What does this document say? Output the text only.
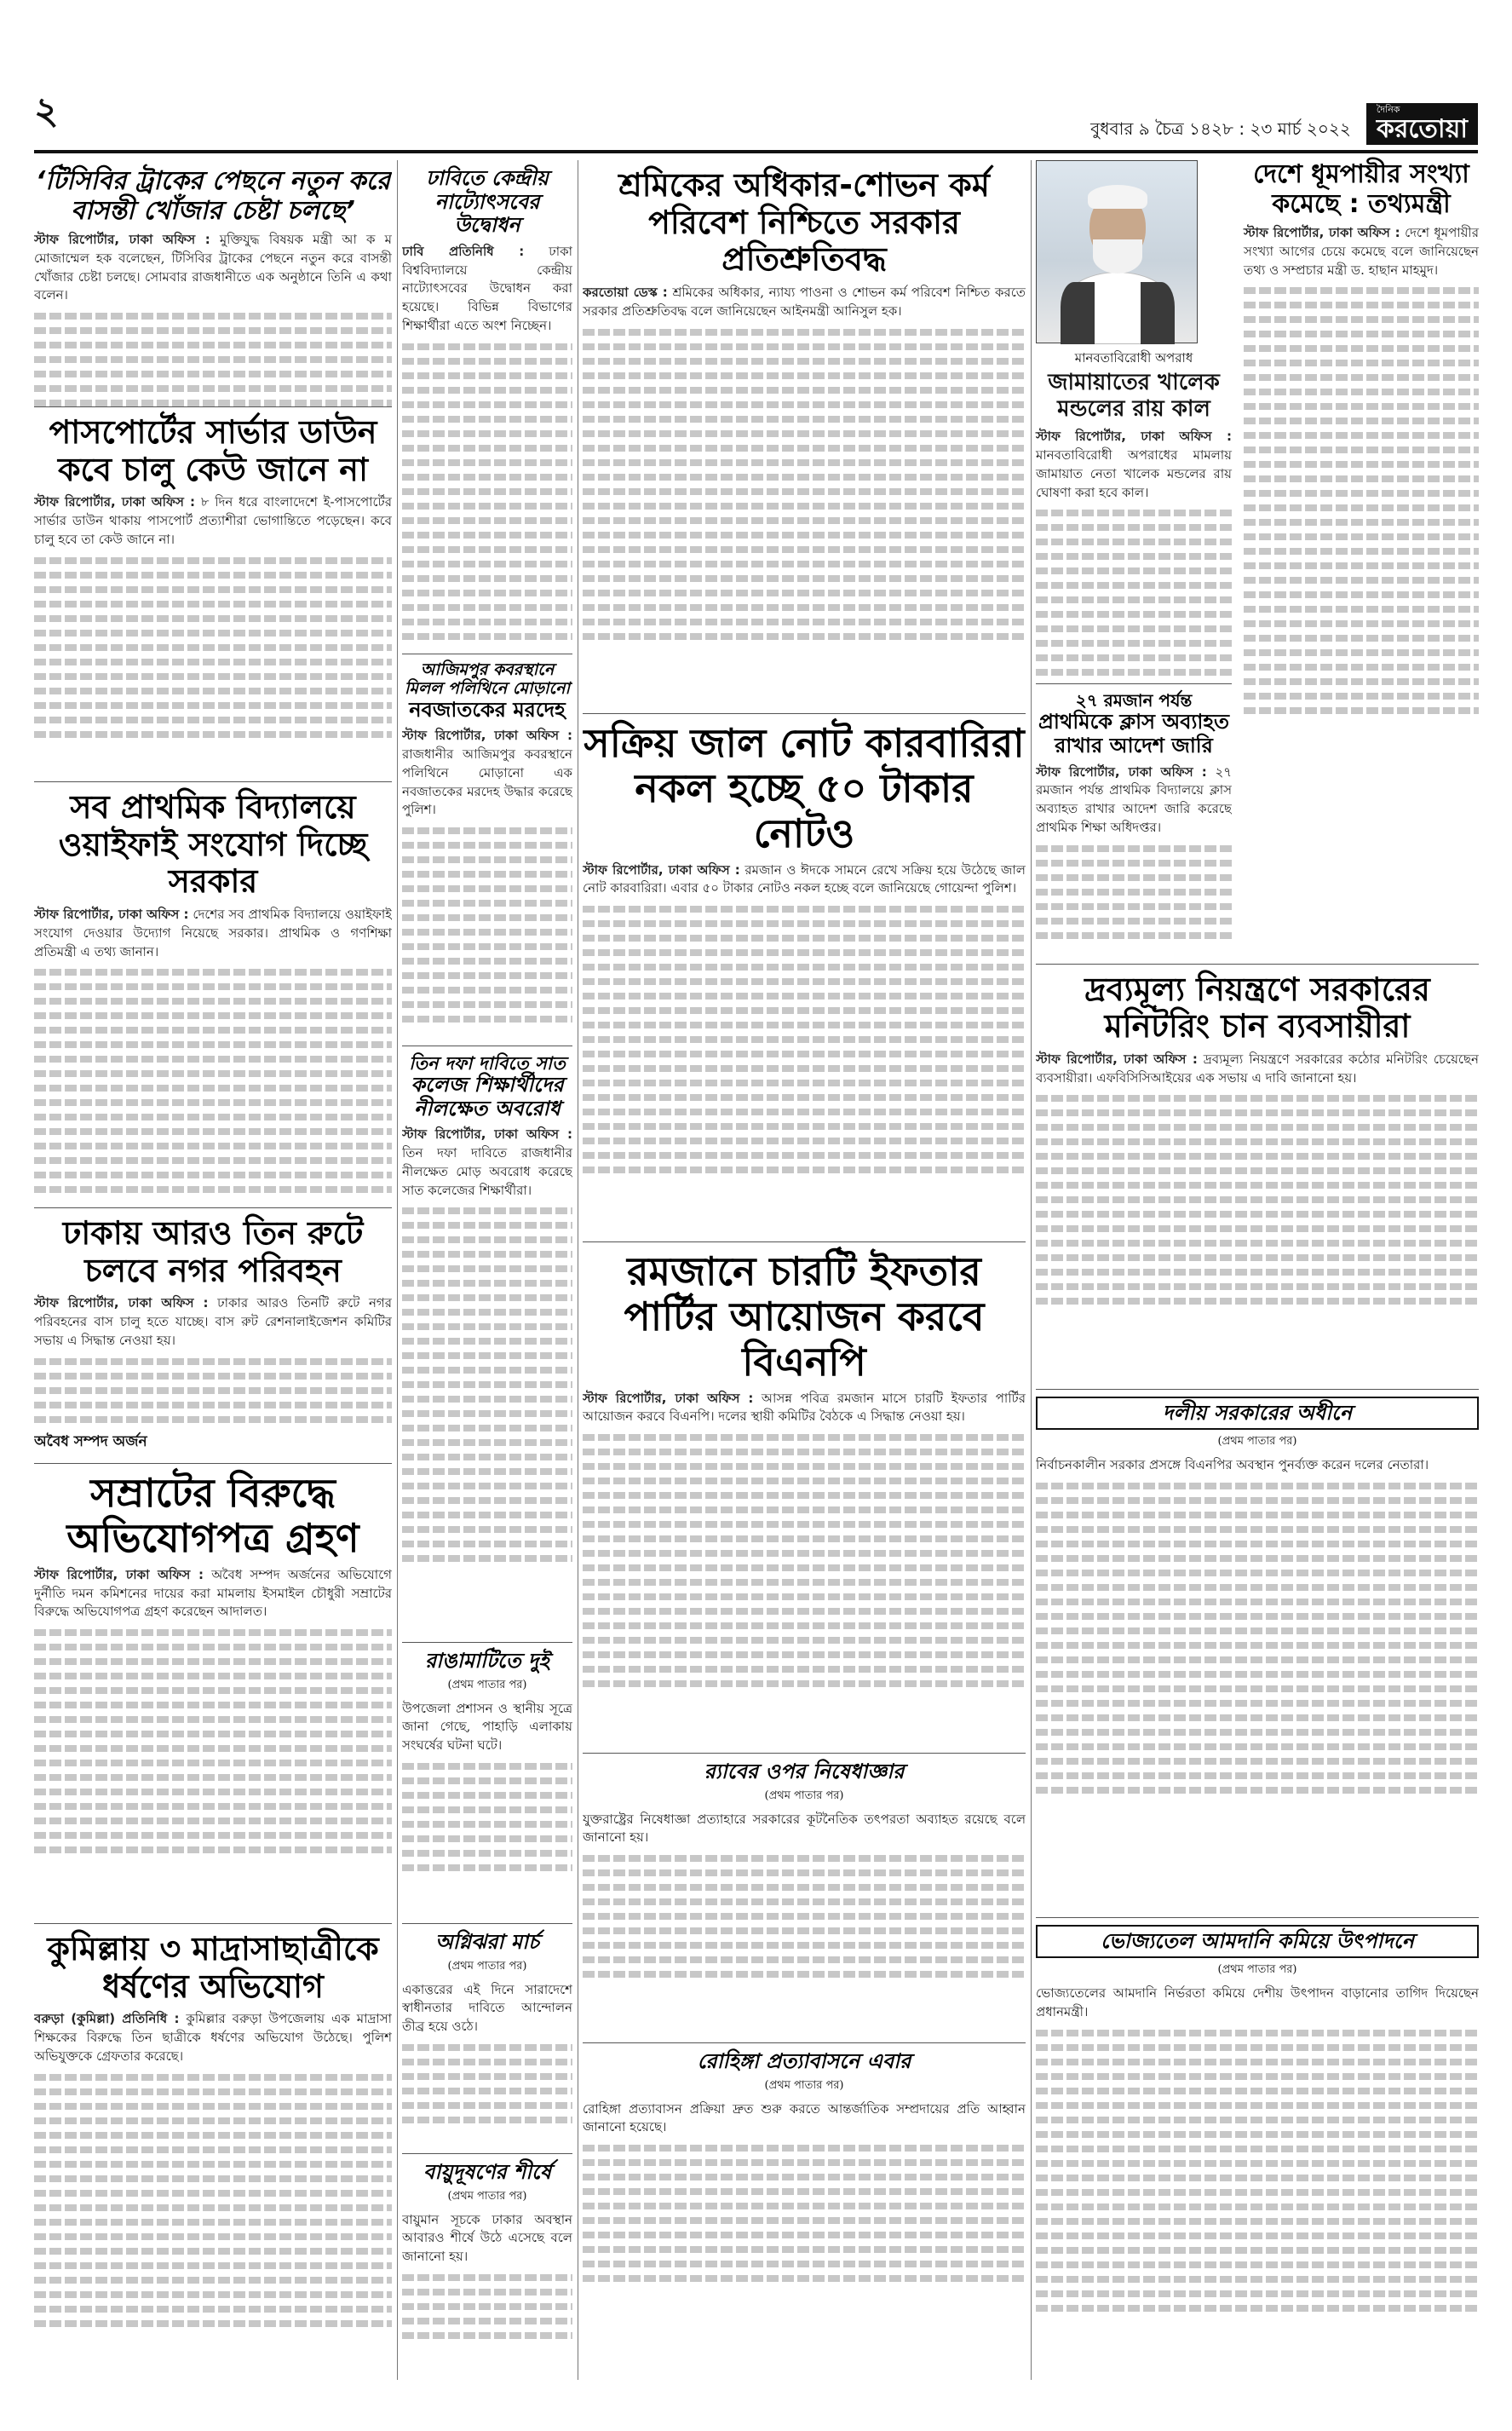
২	বুধবার ৯ চৈত্র ১৪২৮ : ২৩ মার্চ ২০২২
দৈনিক
করতোয়া
‘টিসিবির ট্রাকের পেছনে নতুন করে বাসন্তী খোঁজার চেষ্টা চলছে’
স্টাফ রিপোর্টার, ঢাকা অফিস : মুক্তিযুদ্ধ বিষয়ক মন্ত্রী আ ক ম মোজাম্মেল হক বলেছেন, টিসিবির ট্রাকের পেছনে নতুন করে বাসন্তী খোঁজার চেষ্টা চলছে। সোমবার রাজধানীতে এক অনুষ্ঠানে তিনি এ কথা বলেন।
পাসপোর্টের সার্ভার ডাউন কবে চালু কেউ জানে না
স্টাফ রিপোর্টার, ঢাকা অফিস : ৮ দিন ধরে বাংলাদেশে ই-পাসপোর্টের সার্ভার ডাউন থাকায় পাসপোর্ট প্রত্যাশীরা ভোগান্তিতে পড়েছেন। কবে চালু হবে তা কেউ জানে না।
সব প্রাথমিক বিদ্যালয়ে ওয়াইফাই সংযোগ দিচ্ছে সরকার
স্টাফ রিপোর্টার, ঢাকা অফিস : দেশের সব প্রাথমিক বিদ্যালয়ে ওয়াইফাই সংযোগ দেওয়ার উদ্যোগ নিয়েছে সরকার। প্রাথমিক ও গণশিক্ষা প্রতিমন্ত্রী এ তথ্য জানান।
ঢাকায় আরও তিন রুটে চলবে নগর পরিবহন
স্টাফ রিপোর্টার, ঢাকা অফিস : ঢাকার আরও তিনটি রুটে নগর পরিবহনের বাস চালু হতে যাচ্ছে। বাস রুট রেশনালাইজেশন কমিটির সভায় এ সিদ্ধান্ত নেওয়া হয়।
অবৈধ সম্পদ অর্জন
সম্রাটের বিরুদ্ধে অভিযোগপত্র গ্রহণ
স্টাফ রিপোর্টার, ঢাকা অফিস : অবৈধ সম্পদ অর্জনের অভিযোগে দুর্নীতি দমন কমিশনের দায়ের করা মামলায় ইসমাইল চৌধুরী সম্রাটের বিরুদ্ধে অভিযোগপত্র গ্রহণ করেছেন আদালত।
কুমিল্লায় ৩ মাদ্রাসাছাত্রীকে ধর্ষণের অভিযোগ
বরুড়া (কুমিল্লা) প্রতিনিধি : কুমিল্লার বরুড়া উপজেলায় এক মাদ্রাসা শিক্ষকের বিরুদ্ধে তিন ছাত্রীকে ধর্ষণের অভিযোগ উঠেছে। পুলিশ অভিযুক্তকে গ্রেফতার করেছে।
ঢাবিতে কেন্দ্রীয় নাট্যোৎসবের উদ্বোধন
ঢাবি প্রতিনিধি : ঢাকা বিশ্ববিদ্যালয়ে কেন্দ্রীয় নাট্যোৎসবের উদ্বোধন করা হয়েছে। বিভিন্ন বিভাগের শিক্ষার্থীরা এতে অংশ নিচ্ছেন।
আজিমপুর কবরস্থানে মিলল পলিথিনে মোড়ানো
নবজাতকের মরদেহ
স্টাফ রিপোর্টার, ঢাকা অফিস : রাজধানীর আজিমপুর কবরস্থানে পলিথিনে মোড়ানো এক নবজাতকের মরদেহ উদ্ধার করেছে পুলিশ।
তিন দফা দাবিতে সাত
কলেজ শিক্ষার্থীদের নীলক্ষেত অবরোধ
স্টাফ রিপোর্টার, ঢাকা অফিস : তিন দফা দাবিতে রাজধানীর নীলক্ষেত মোড় অবরোধ করেছে সাত কলেজের শিক্ষার্থীরা।
রাঙামাটিতে দুই
(প্রথম পাতার পর)
উপজেলা প্রশাসন ও স্থানীয় সূত্রে জানা গেছে, পাহাড়ি এলাকায় সংঘর্ষের ঘটনা ঘটে।
অগ্নিঝরা মার্চ
(প্রথম পাতার পর)
একাত্তরের এই দিনে সারাদেশে স্বাধীনতার দাবিতে আন্দোলন তীব্র হয়ে ওঠে।
বায়ুদূষণের শীর্ষে
(প্রথম পাতার পর)
বায়ুমান সূচকে ঢাকার অবস্থান আবারও শীর্ষে উঠে এসেছে বলে জানানো হয়।
শ্রমিকের অধিকার-শোভন কর্ম পরিবেশ নিশ্চিতে সরকার প্রতিশ্রুতিবদ্ধ
করতোয়া ডেস্ক : শ্রমিকের অধিকার, ন্যায্য পাওনা ও শোভন কর্ম পরিবেশ নিশ্চিত করতে সরকার প্রতিশ্রুতিবদ্ধ বলে জানিয়েছেন আইনমন্ত্রী আনিসুল হক।
সক্রিয় জাল নোট কারবারিরা নকল হচ্ছে ৫০ টাকার নোটও
স্টাফ রিপোর্টার, ঢাকা অফিস : রমজান ও ঈদকে সামনে রেখে সক্রিয় হয়ে উঠেছে জাল নোট কারবারিরা। এবার ৫০ টাকার নোটও নকল হচ্ছে বলে জানিয়েছে গোয়েন্দা পুলিশ।
রমজানে চারটি ইফতার পার্টির আয়োজন করবে বিএনপি
স্টাফ রিপোর্টার, ঢাকা অফিস : আসন্ন পবিত্র রমজান মাসে চারটি ইফতার পার্টির আয়োজন করবে বিএনপি। দলের স্থায়ী কমিটির বৈঠকে এ সিদ্ধান্ত নেওয়া হয়।
র‌্যাবের ওপর নিষেধাজ্ঞার
(প্রথম পাতার পর)
যুক্তরাষ্ট্রের নিষেধাজ্ঞা প্রত্যাহারে সরকারের কূটনৈতিক তৎপরতা অব্যাহত রয়েছে বলে জানানো হয়।
রোহিঙ্গা প্রত্যাবাসনে এবার
(প্রথম পাতার পর)
রোহিঙ্গা প্রত্যাবাসন প্রক্রিয়া দ্রুত শুরু করতে আন্তর্জাতিক সম্প্রদায়ের প্রতি আহ্বান জানানো হয়েছে।
মানবতাবিরোধী অপরাধ
জামায়াতের খালেক মন্ডলের রায় কাল
স্টাফ রিপোর্টার, ঢাকা অফিস : মানবতাবিরোধী অপরাধের মামলায় জামায়াত নেতা খালেক মন্ডলের রায় ঘোষণা করা হবে কাল।
২৭ রমজান পর্যন্ত
প্রাথমিকে ক্লাস অব্যাহত রাখার আদেশ জারি
স্টাফ রিপোর্টার, ঢাকা অফিস : ২৭ রমজান পর্যন্ত প্রাথমিক বিদ্যালয়ে ক্লাস অব্যাহত রাখার আদেশ জারি করেছে প্রাথমিক শিক্ষা অধিদপ্তর।
দেশে ধূমপায়ীর সংখ্যা কমেছে : তথ্যমন্ত্রী
স্টাফ রিপোর্টার, ঢাকা অফিস : দেশে ধূমপায়ীর সংখ্যা আগের চেয়ে কমেছে বলে জানিয়েছেন তথ্য ও সম্প্রচার মন্ত্রী ড. হাছান মাহমুদ।
দ্রব্যমূল্য নিয়ন্ত্রণে সরকারের মনিটরিং চান ব্যবসায়ীরা
স্টাফ রিপোর্টার, ঢাকা অফিস : দ্রব্যমূল্য নিয়ন্ত্রণে সরকারের কঠোর মনিটরিং চেয়েছেন ব্যবসায়ীরা। এফবিসিসিআইয়ের এক সভায় এ দাবি জানানো হয়।
দলীয় সরকারের অধীনে
(প্রথম পাতার পর)
নির্বাচনকালীন সরকার প্রসঙ্গে বিএনপির অবস্থান পুনর্ব্যক্ত করেন দলের নেতারা।
ভোজ্যতেল আমদানি কমিয়ে উৎপাদনে
(প্রথম পাতার পর)
ভোজ্যতেলের আমদানি নির্ভরতা কমিয়ে দেশীয় উৎপাদন বাড়ানোর তাগিদ দিয়েছেন প্রধানমন্ত্রী।
